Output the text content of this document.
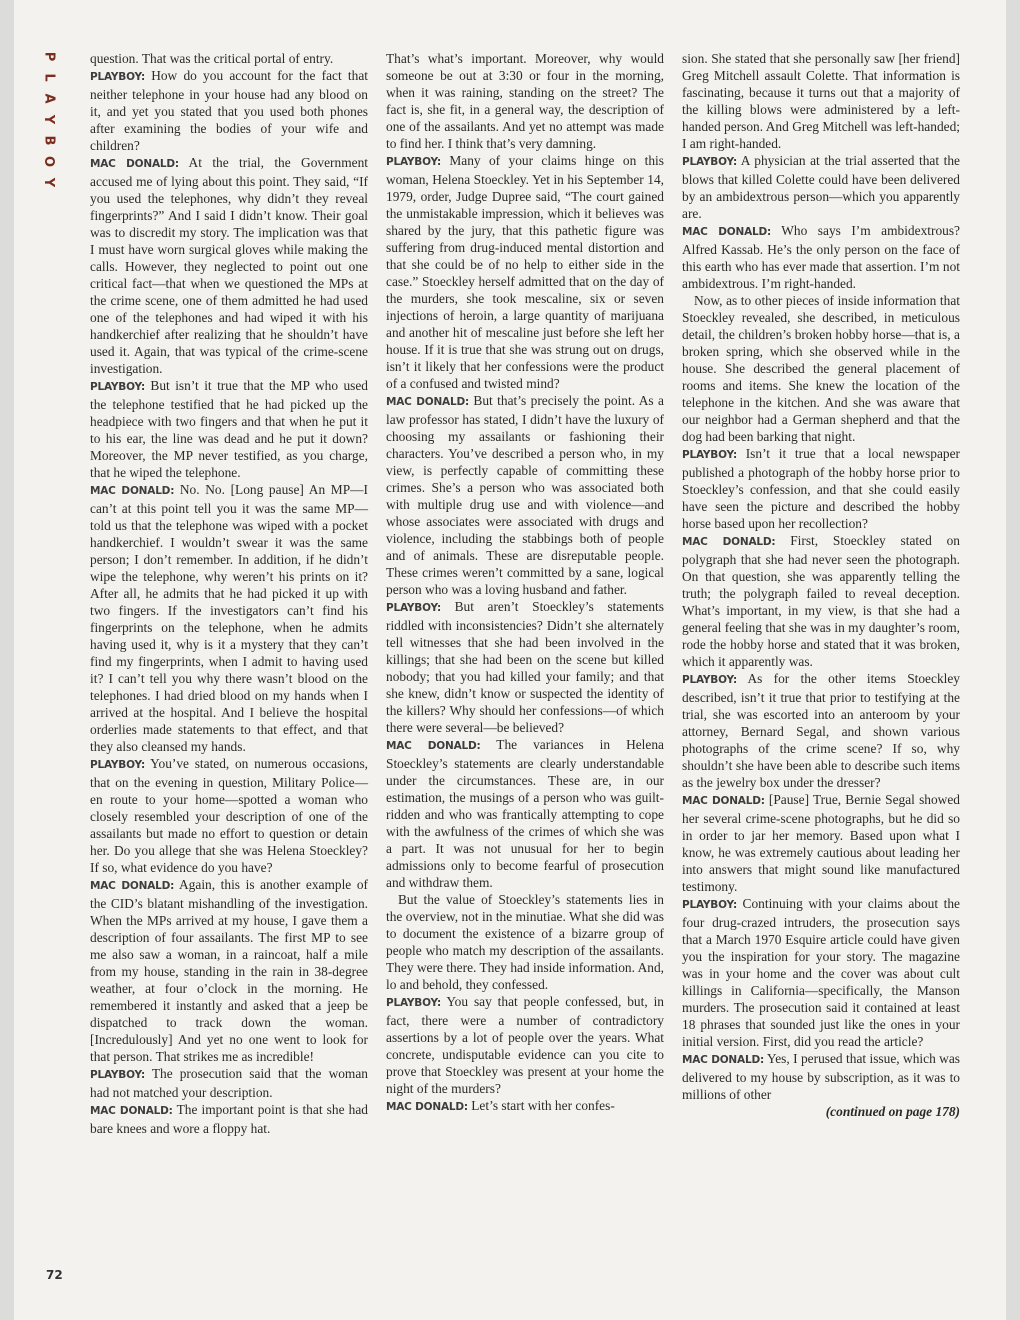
P
L
A
Y
B
O
Y

question. That was the critical portal of entry.

PLAYBOY: How do you account for the fact that neither telephone in your house had any blood on it, and yet you stated that you used both phones after examining the bodies of your wife and children?

MAC DONALD: At the trial, the Government accused me of lying about this point. They said, “If you used the telephones, why didn’t they reveal fingerprints?” And I said I didn’t know. Their goal was to discredit my story. The implication was that I must have worn surgical gloves while making the calls. However, they neglected to point out one critical fact—that when we questioned the MPs at the crime scene, one of them admitted he had used one of the telephones and had wiped it with his handkerchief after realizing that he shouldn’t have used it. Again, that was typical of the crime-scene investigation.

PLAYBOY: But isn’t it true that the MP who used the telephone testified that he had picked up the headpiece with two fingers and that when he put it to his ear, the line was dead and he put it down? Moreover, the MP never testified, as you charge, that he wiped the telephone.

MAC DONALD: No. No. [Long pause] An MP—I can’t at this point tell you it was the same MP—told us that the telephone was wiped with a pocket handkerchief. I wouldn’t swear it was the same person; I don’t remember. In addition, if he didn’t wipe the telephone, why weren’t his prints on it? After all, he admits that he had picked it up with two fingers. If the investigators can’t find his fingerprints on the telephone, when he admits having used it, why is it a mystery that they can’t find my fingerprints, when I admit to having used it? I can’t tell you why there wasn’t blood on the telephones. I had dried blood on my hands when I arrived at the hospital. And I believe the hospital orderlies made statements to that effect, and that they also cleansed my hands.

PLAYBOY: You’ve stated, on numerous occasions, that on the evening in question, Military Police—en route to your home—spotted a woman who closely resembled your description of one of the assailants but made no effort to question or detain her. Do you allege that she was Helena Stoeckley? If so, what evidence do you have?

MAC DONALD: Again, this is another example of the CID’s blatant mishandling of the investigation. When the MPs arrived at my house, I gave them a description of four assailants. The first MP to see me also saw a woman, in a raincoat, half a mile from my house, standing in the rain in 38-degree weather, at four o’clock in the morning. He remembered it instantly and asked that a jeep be dispatched to track down the woman. [Incredulously] And yet no one went to look for that person. That strikes me as incredible!

PLAYBOY: The prosecution said that the woman had not matched your description.

MAC DONALD: The important point is that she had bare knees and wore a floppy hat.

That’s what’s important. Moreover, why would someone be out at 3:30 or four in the morning, when it was raining, standing on the street? The fact is, she fit, in a general way, the description of one of the assailants. And yet no attempt was made to find her. I think that’s very damning.

PLAYBOY: Many of your claims hinge on this woman, Helena Stoeckley. Yet in his September 14, 1979, order, Judge Dupree said, “The court gained the unmistakable impression, which it believes was shared by the jury, that this pathetic figure was suffering from drug-induced mental distortion and that she could be of no help to either side in the case.” Stoeckley herself admitted that on the day of the murders, she took mescaline, six or seven injections of heroin, a large quantity of marijuana and another hit of mescaline just before she left her house. If it is true that she was strung out on drugs, isn’t it likely that her confessions were the product of a confused and twisted mind?

MAC DONALD: But that’s precisely the point. As a law professor has stated, I didn’t have the luxury of choosing my assailants or fashioning their characters. You’ve described a person who, in my view, is perfectly capable of committing these crimes. She’s a person who was associated both with multiple drug use and with violence—and whose associates were associated with drugs and violence, including the stabbings both of people and of animals. These are disreputable people. These crimes weren’t committed by a sane, logical person who was a loving husband and father.

PLAYBOY: But aren’t Stoeckley’s statements riddled with inconsistencies? Didn’t she alternately tell witnesses that she had been involved in the killings; that she had been on the scene but killed nobody; that you had killed your family; and that she knew, didn’t know or suspected the identity of the killers? Why should her confessions—of which there were several—be believed?

MAC DONALD: The variances in Helena Stoeckley’s statements are clearly understandable under the circumstances. These are, in our estimation, the musings of a person who was guilt-ridden and who was frantically attempting to cope with the awfulness of the crimes of which she was a part. It was not unusual for her to begin admissions only to become fearful of prosecution and withdraw them.

But the value of Stoeckley’s statements lies in the overview, not in the minutiae. What she did was to document the existence of a bizarre group of people who match my description of the assailants. They were there. They had inside information. And, lo and behold, they confessed.

PLAYBOY: You say that people confessed, but, in fact, there were a number of contradictory assertions by a lot of people over the years. What concrete, undisputable evidence can you cite to prove that Stoeckley was present at your home the night of the murders?

MAC DONALD: Let’s start with her confes-

sion. She stated that she personally saw [her friend] Greg Mitchell assault Colette. That information is fascinating, because it turns out that a majority of the killing blows were administered by a left-handed person. And Greg Mitchell was left-handed; I am right-handed.

PLAYBOY: A physician at the trial asserted that the blows that killed Colette could have been delivered by an ambidextrous person—which you apparently are.

MAC DONALD: Who says I’m ambidextrous? Alfred Kassab. He’s the only person on the face of this earth who has ever made that assertion. I’m not ambidextrous. I’m right-handed.

Now, as to other pieces of inside information that Stoeckley revealed, she described, in meticulous detail, the children’s broken hobby horse—that is, a broken spring, which she observed while in the house. She described the general placement of rooms and items. She knew the location of the telephone in the kitchen. And she was aware that our neighbor had a German shepherd and that the dog had been barking that night.

PLAYBOY: Isn’t it true that a local newspaper published a photograph of the hobby horse prior to Stoeckley’s confession, and that she could easily have seen the picture and described the hobby horse based upon her recollection?

MAC DONALD: First, Stoeckley stated on polygraph that she had never seen the photograph. On that question, she was apparently telling the truth; the polygraph failed to reveal deception. What’s important, in my view, is that she had a general feeling that she was in my daughter’s room, rode the hobby horse and stated that it was broken, which it apparently was.

PLAYBOY: As for the other items Stoeckley described, isn’t it true that prior to testifying at the trial, she was escorted into an anteroom by your attorney, Bernard Segal, and shown various photographs of the crime scene? If so, why shouldn’t she have been able to describe such items as the jewelry box under the dresser?

MAC DONALD: [Pause] True, Bernie Segal showed her several crime-scene photographs, but he did so in order to jar her memory. Based upon what I know, he was extremely cautious about leading her into answers that might sound like manufactured testimony.

PLAYBOY: Continuing with your claims about the four drug-crazed intruders, the prosecution says that a March 1970 Esquire article could have given you the inspiration for your story. The magazine was in your home and the cover was about cult killings in California—specifically, the Manson murders. The prosecution said it contained at least 18 phrases that sounded just like the ones in your initial version. First, did you read the article?

MAC DONALD: Yes, I perused that issue, which was delivered to my house by subscription, as it was to millions of other

(continued on page 178)

72
